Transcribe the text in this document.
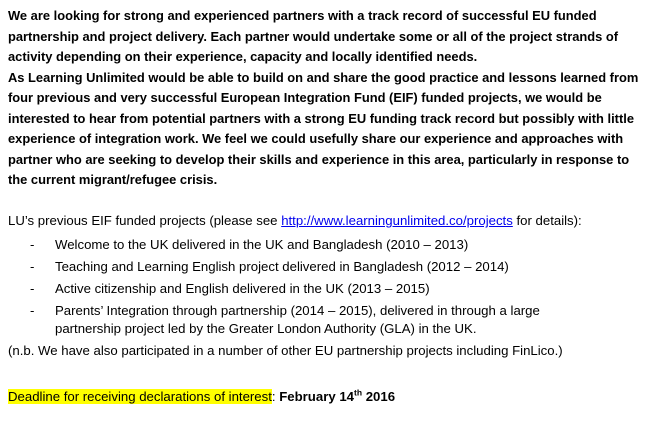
We are looking for strong and experienced partners with a track record of successful EU funded partnership and project delivery. Each partner would undertake some or all of the project strands of activity depending on their experience, capacity and locally identified needs.

As Learning Unlimited would be able to build on and share the good practice and lessons learned from four previous and very successful European Integration Fund (EIF) funded projects, we would be interested to hear from potential partners with a strong EU funding track record but possibly with little experience of integration work. We feel we could usefully share our experience and approaches with partner who are seeking to develop their skills and experience in this area, particularly in response to the current migrant/refugee crisis.

LU’s previous EIF funded projects (please see http://www.learningunlimited.co/projects for details):

-	Welcome to the UK delivered in the UK and Bangladesh (2010 – 2013)
-	Teaching and Learning English project delivered in Bangladesh (2012 – 2014)
-	Active citizenship and English delivered in the UK (2013 – 2015)
-	Parents’ Integration through partnership (2014 – 2015), delivered in through a large partnership project led by the Greater London Authority (GLA) in the UK.

(n.b. We have also participated in a number of other EU partnership projects including FinLico.)

Deadline for receiving declarations of interest: February 14th 2016
